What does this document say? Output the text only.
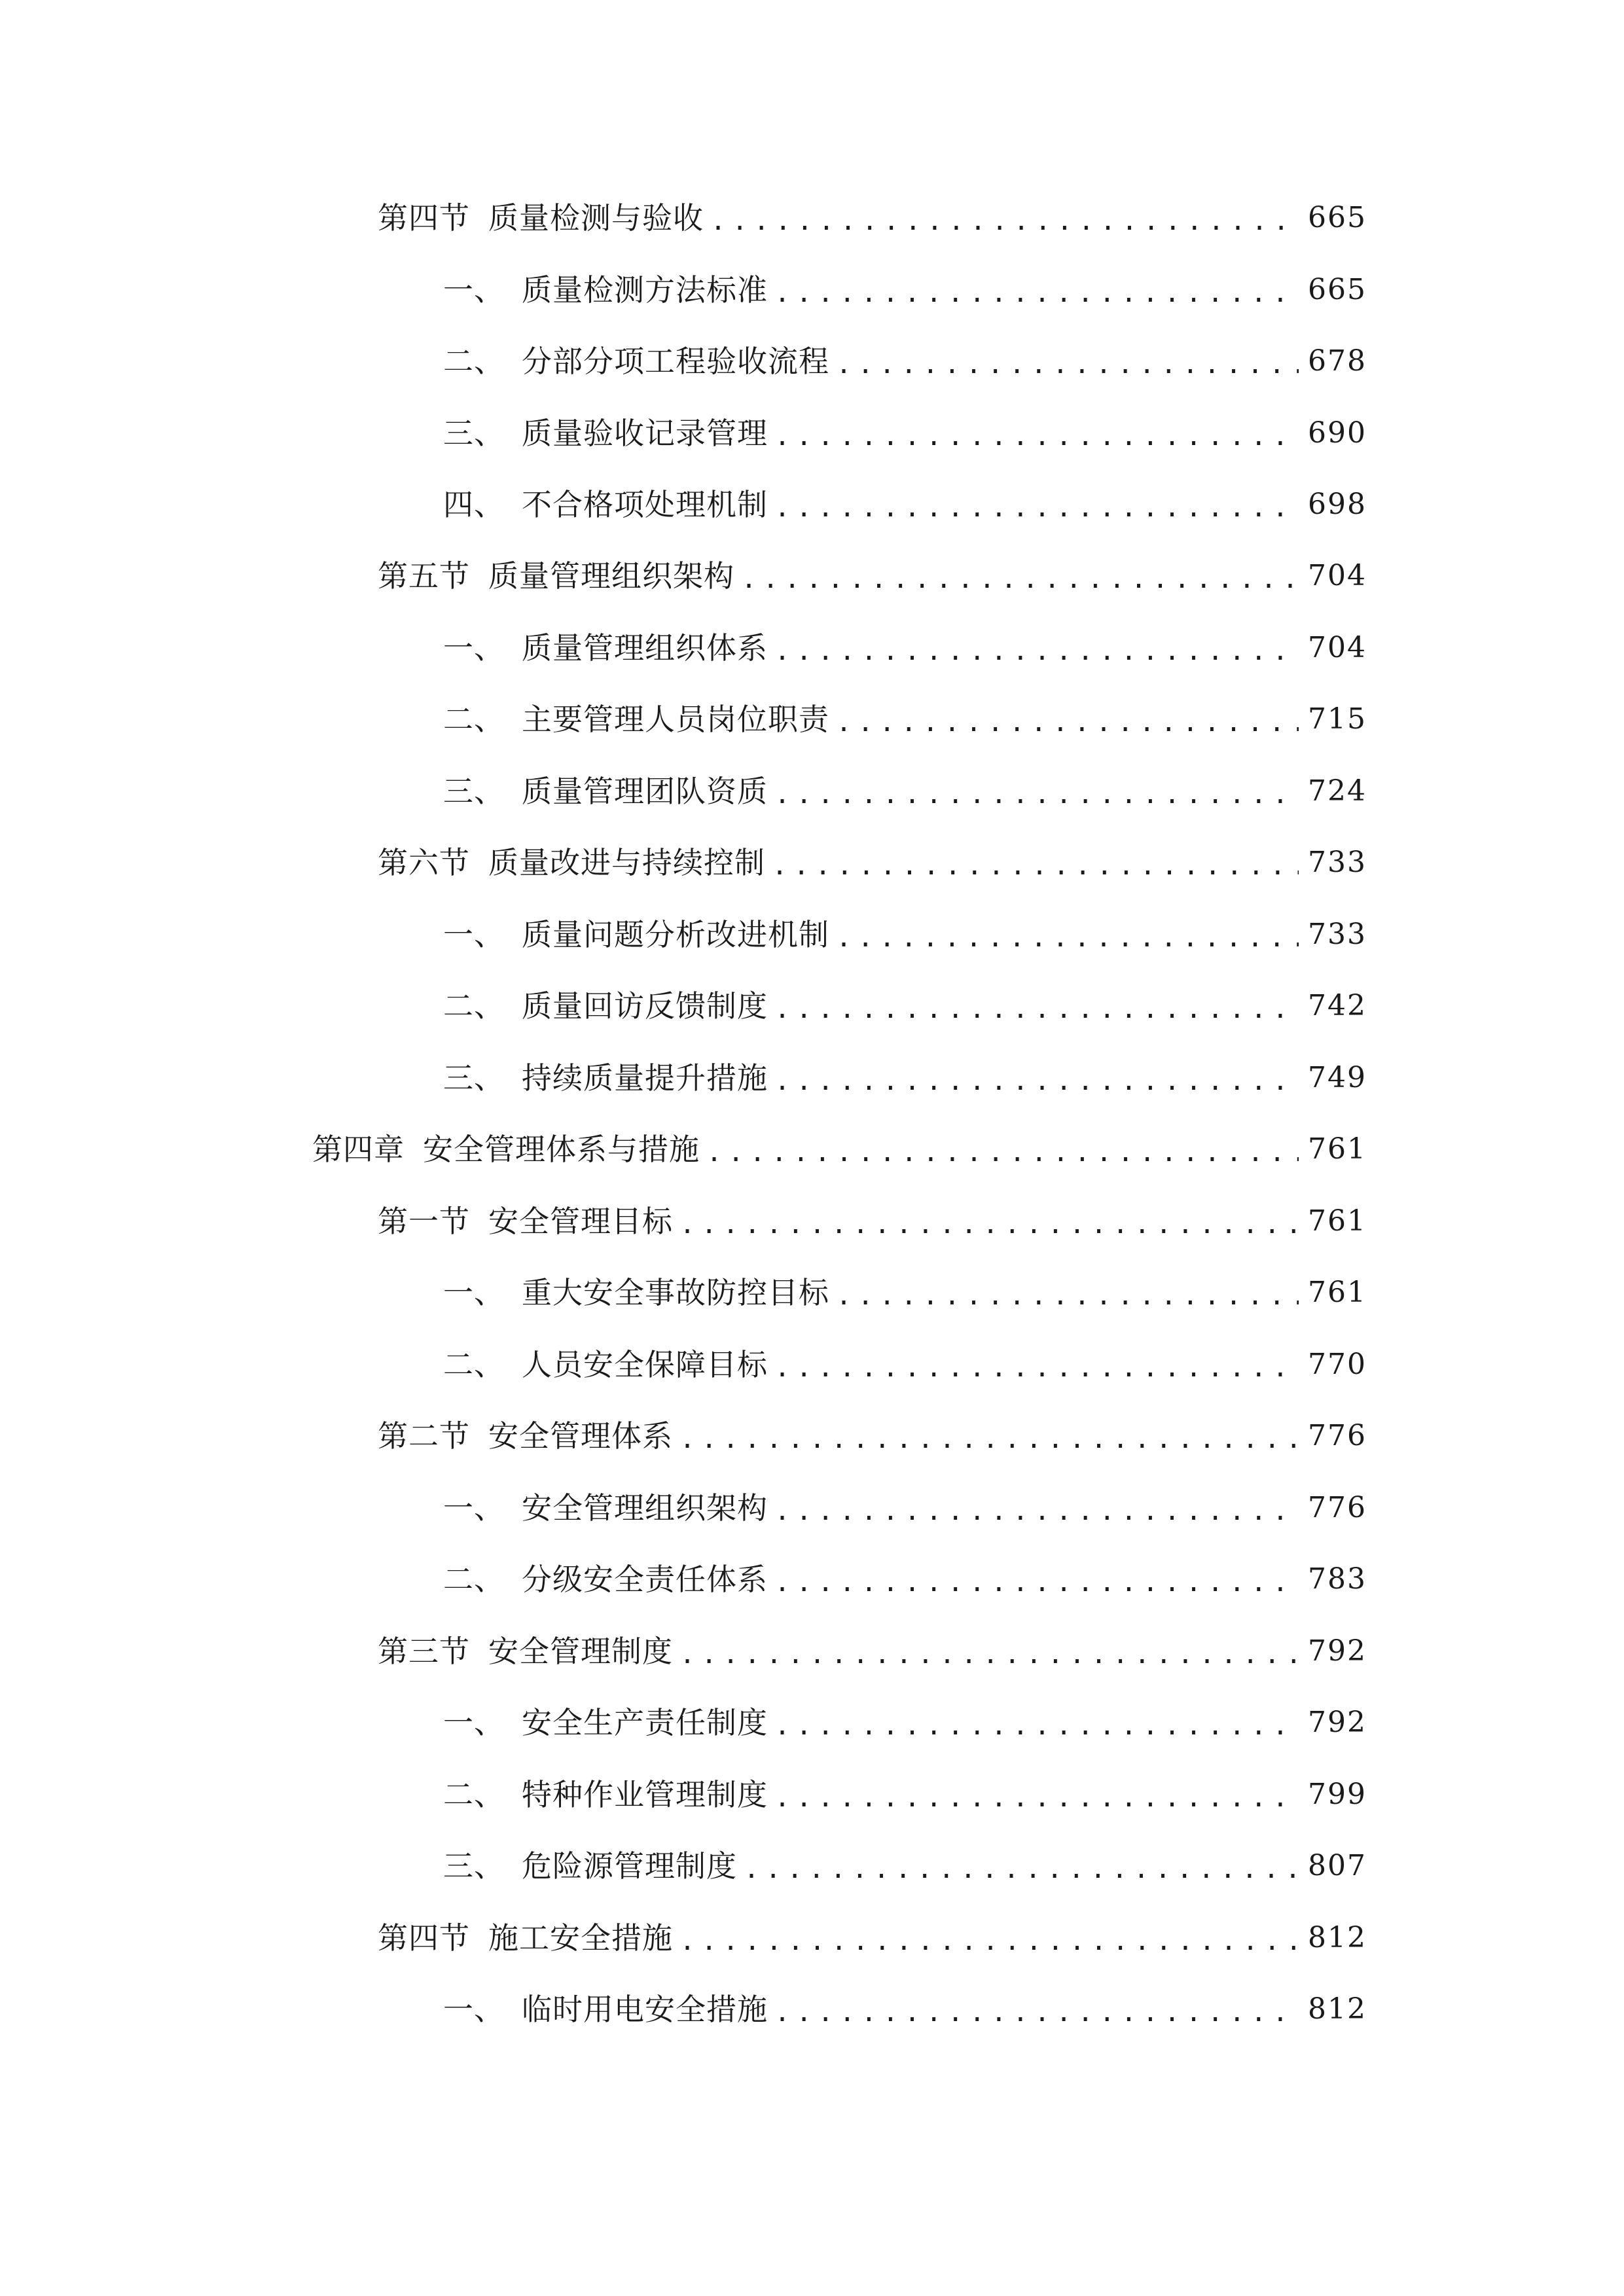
第四节 质量检测与验收 .....	665
一、 质量检测方法标准 .....	665
二、 分部分项工程验收流程 .....	678
三、 质量验收记录管理 .....	690
四、 不合格项处理机制 .....	698
第五节 质量管理组织架构 .....	704
一、 质量管理组织体系 .....	704
二、 主要管理人员岗位职责 .....	715
三、 质量管理团队资质 .....	724
第六节 质量改进与持续控制 .....	733
一、 质量问题分析改进机制 .....	733
二、 质量回访反馈制度 .....	742
三、 持续质量提升措施 .....	749
第四章 安全管理体系与措施 .....	761
第一节 安全管理目标 .....	761
一、 重大安全事故防控目标 .....	761
二、 人员安全保障目标 .....	770
第二节 安全管理体系 .....	776
一、 安全管理组织架构 .....	776
二、 分级安全责任体系 .....	783
第三节 安全管理制度 .....	792
一、 安全生产责任制度 .....	792
二、 特种作业管理制度 .....	799
三、 危险源管理制度 .....	807
第四节 施工安全措施 .....	812
一、 临时用电安全措施 .....	812
